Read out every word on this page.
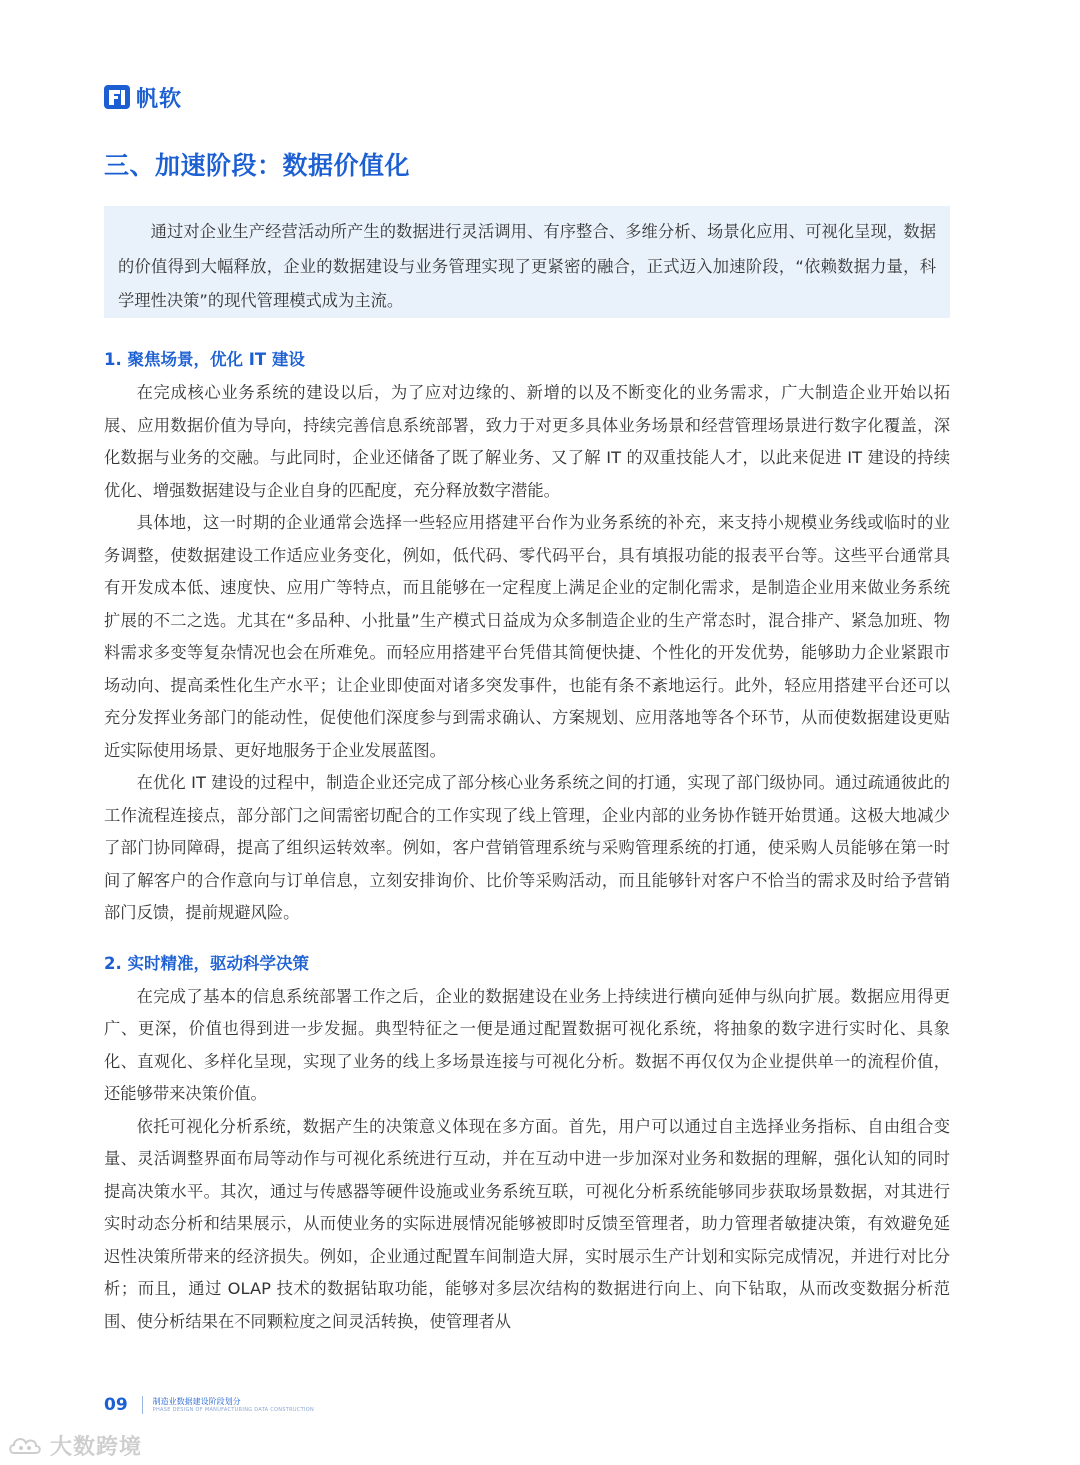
帆软
三、加速阶段：数据价值化

通过对企业生产经营活动所产生的数据进行灵活调用、有序整合、多维分析、场景化应用、可视化呈现，数据的价值得到大幅释放，企业的数据建设与业务管理实现了更紧密的融合，正式迈入加速阶段，“依赖数据力量，科学理性决策”的现代管理模式成为主流。

1. 聚焦场景，优化 IT 建设

在完成核心业务系统的建设以后，为了应对边缘的、新增的以及不断变化的业务需求，广大制造企业开始以拓展、应用数据价值为导向，持续完善信息系统部署，致力于对更多具体业务场景和经营管理场景进行数字化覆盖，深化数据与业务的交融。与此同时，企业还储备了既了解业务、又了解 IT 的双重技能人才，以此来促进 IT 建设的持续优化、增强数据建设与企业自身的匹配度，充分释放数字潜能。

具体地，这一时期的企业通常会选择一些轻应用搭建平台作为业务系统的补充，来支持小规模业务线或临时的业务调整，使数据建设工作适应业务变化，例如，低代码、零代码平台，具有填报功能的报表平台等。这些平台通常具有开发成本低、速度快、应用广等特点，而且能够在一定程度上满足企业的定制化需求，是制造企业用来做业务系统扩展的不二之选。尤其在“多品种、小批量”生产模式日益成为众多制造企业的生产常态时，混合排产、紧急加班、物料需求多变等复杂情况也会在所难免。而轻应用搭建平台凭借其简便快捷、个性化的开发优势，能够助力企业紧跟市场动向、提高柔性化生产水平；让企业即使面对诸多突发事件，也能有条不紊地运行。此外，轻应用搭建平台还可以充分发挥业务部门的能动性，促使他们深度参与到需求确认、方案规划、应用落地等各个环节，从而使数据建设更贴近实际使用场景、更好地服务于企业发展蓝图。

在优化 IT 建设的过程中，制造企业还完成了部分核心业务系统之间的打通，实现了部门级协同。通过疏通彼此的工作流程连接点，部分部门之间需密切配合的工作实现了线上管理，企业内部的业务协作链开始贯通。这极大地减少了部门协同障碍，提高了组织运转效率。例如，客户营销管理系统与采购管理系统的打通，使采购人员能够在第一时间了解客户的合作意向与订单信息，立刻安排询价、比价等采购活动，而且能够针对客户不恰当的需求及时给予营销部门反馈，提前规避风险。

2. 实时精准，驱动科学决策

在完成了基本的信息系统部署工作之后，企业的数据建设在业务上持续进行横向延伸与纵向扩展。数据应用得更广、更深，价值也得到进一步发掘。典型特征之一便是通过配置数据可视化系统，将抽象的数字进行实时化、具象化、直观化、多样化呈现，实现了业务的线上多场景连接与可视化分析。数据不再仅仅为企业提供单一的流程价值，还能够带来决策价值。

依托可视化分析系统，数据产生的决策意义体现在多方面。首先，用户可以通过自主选择业务指标、自由组合变量、灵活调整界面布局等动作与可视化系统进行互动，并在互动中进一步加深对业务和数据的理解，强化认知的同时提高决策水平。其次，通过与传感器等硬件设施或业务系统互联，可视化分析系统能够同步获取场景数据，对其进行实时动态分析和结果展示，从而使业务的实际进展情况能够被即时反馈至管理者，助力管理者敏捷决策，有效避免延迟性决策所带来的经济损失。例如，企业通过配置车间制造大屏，实时展示生产计划和实际完成情况，并进行对比分析；而且，通过 OLAP 技术的数据钻取功能，能够对多层次结构的数据进行向上、向下钻取，从而改变数据分析范围、使分析结果在不同颗粒度之间灵活转换，使管理者从

09	制造业数据建设阶段划分
PHASE DESIGN OF MANUFACTURING DATA CONSTRUCTION
大数跨境
